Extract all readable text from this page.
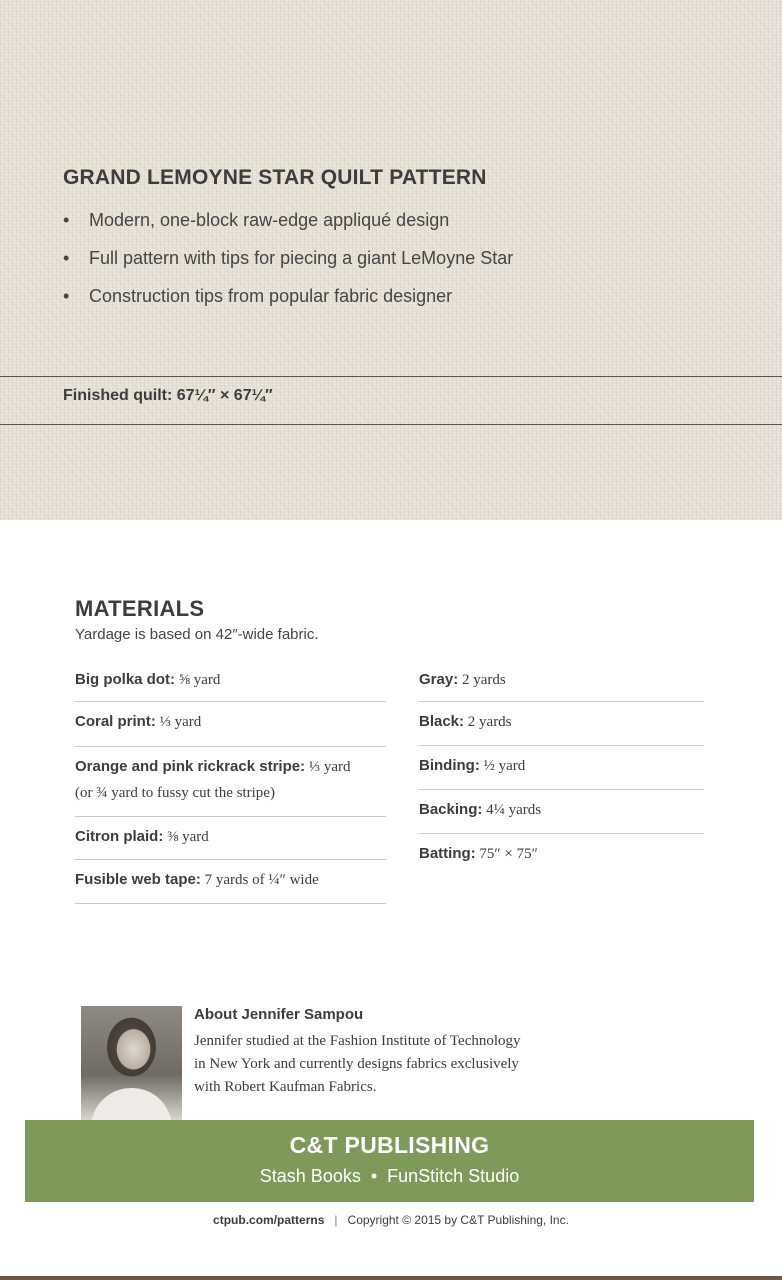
GRAND LEMOYNE STAR QUILT PATTERN
• Modern, one-block raw-edge appliqué design
• Full pattern with tips for piecing a giant LeMoyne Star
• Construction tips from popular fabric designer
Finished quilt: 67¼″ × 67¼″
MATERIALS
Yardage is based on 42″-wide fabric.
Big polka dot: ⅝ yard
Coral print: ⅓ yard
Orange and pink rickrack stripe: ⅓ yard
(or ¾ yard to fussy cut the stripe)
Citron plaid: ⅜ yard
Fusible web tape: 7 yards of ¼″ wide
Gray: 2 yards
Black: 2 yards
Binding: ½ yard
Backing: 4¼ yards
Batting: 75″ × 75″
About Jennifer Sampou
Jennifer studied at the Fashion Institute of Technology
in New York and currently designs fabrics exclusively
with Robert Kaufman Fabrics.
C&T PUBLISHING
Stash Books  •  FunStitch Studio
ctpub.com/patterns | Copyright © 2015 by C&T Publishing, Inc.
